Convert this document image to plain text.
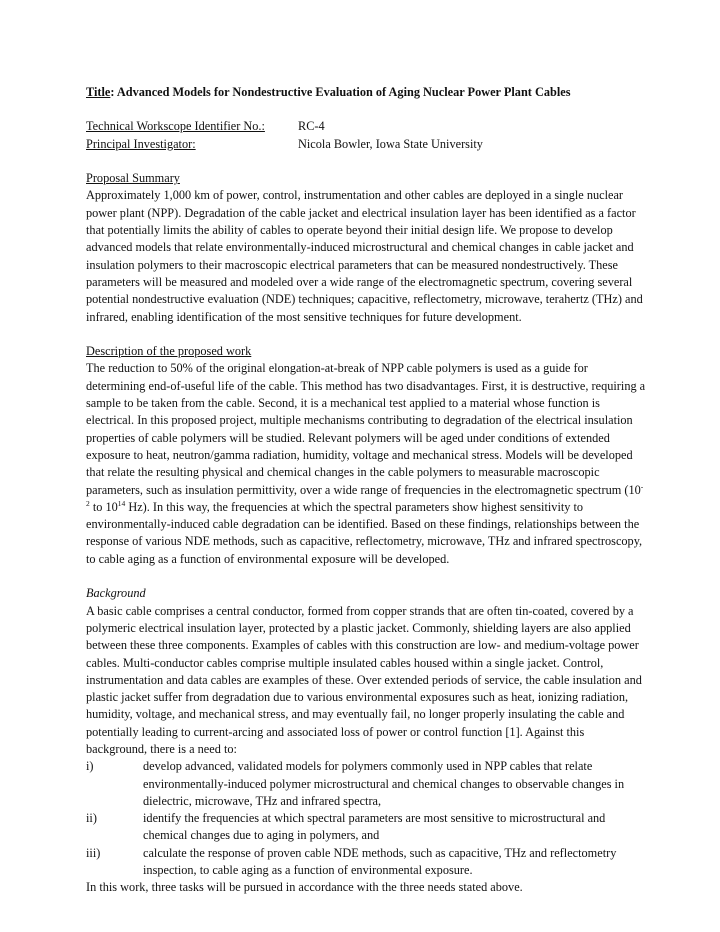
Title: Advanced Models for Nondestructive Evaluation of Aging Nuclear Power Plant Cables
Technical Workscope Identifier No.:	RC-4
Principal Investigator:	Nicola Bowler, Iowa State University

Proposal Summary

Approximately 1,000 km of power, control, instrumentation and other cables are deployed in a single nuclear power plant (NPP). Degradation of the cable jacket and electrical insulation layer has been identified as a factor that potentially limits the ability of cables to operate beyond their initial design life. We propose to develop advanced models that relate environmentally-induced microstructural and chemical changes in cable jacket and insulation polymers to their macroscopic electrical parameters that can be measured nondestructively. These parameters will be measured and modeled over a wide range of the electromagnetic spectrum, covering several potential nondestructive evaluation (NDE) techniques; capacitive, reflectometry, microwave, terahertz (THz) and infrared, enabling identification of the most sensitive techniques for future development.

Description of the proposed work

The reduction to 50% of the original elongation-at-break of NPP cable polymers is used as a guide for determining end-of-useful life of the cable. This method has two disadvantages. First, it is destructive, requiring a sample to be taken from the cable. Second, it is a mechanical test applied to a material whose function is electrical. In this proposed project, multiple mechanisms contributing to degradation of the electrical insulation properties of cable polymers will be studied. Relevant polymers will be aged under conditions of extended exposure to heat, neutron/gamma radiation, humidity, voltage and mechanical stress. Models will be developed that relate the resulting physical and chemical changes in the cable polymers to measurable macroscopic parameters, such as insulation permittivity, over a wide range of frequencies in the electromagnetic spectrum ($10^{-2}$ to $10^{14}$ Hz). In this way, the frequencies at which the spectral parameters show highest sensitivity to environmentally-induced cable degradation can be identified. Based on these findings, relationships between the response of various NDE methods, such as capacitive, reflectometry, microwave, THz and infrared spectroscopy, to cable aging as a function of environmental exposure will be developed.

Background

A basic cable comprises a central conductor, formed from copper strands that are often tin-coated, covered by a polymeric electrical insulation layer, protected by a plastic jacket. Commonly, shielding layers are also applied between these three components. Examples of cables with this construction are low- and medium-voltage power cables. Multi-conductor cables comprise multiple insulated cables housed within a single jacket. Control, instrumentation and data cables are examples of these. Over extended periods of service, the cable insulation and plastic jacket suffer from degradation due to various environmental exposures such as heat, ionizing radiation, humidity, voltage, and mechanical stress, and may eventually fail, no longer properly insulating the cable and potentially leading to current-arcing and associated loss of power or control function [1]. Against this background, there is a need to:

i)	develop advanced, validated models for polymers commonly used in NPP cables that relate environmentally-induced polymer microstructural and chemical changes to observable changes in dielectric, microwave, THz and infrared spectra,
ii)	identify the frequencies at which spectral parameters are most sensitive to microstructural and chemical changes due to aging in polymers, and
iii)	calculate the response of proven cable NDE methods, such as capacitive, THz and reflectometry inspection, to cable aging as a function of environmental exposure.

In this work, three tasks will be pursued in accordance with the three needs stated above.
